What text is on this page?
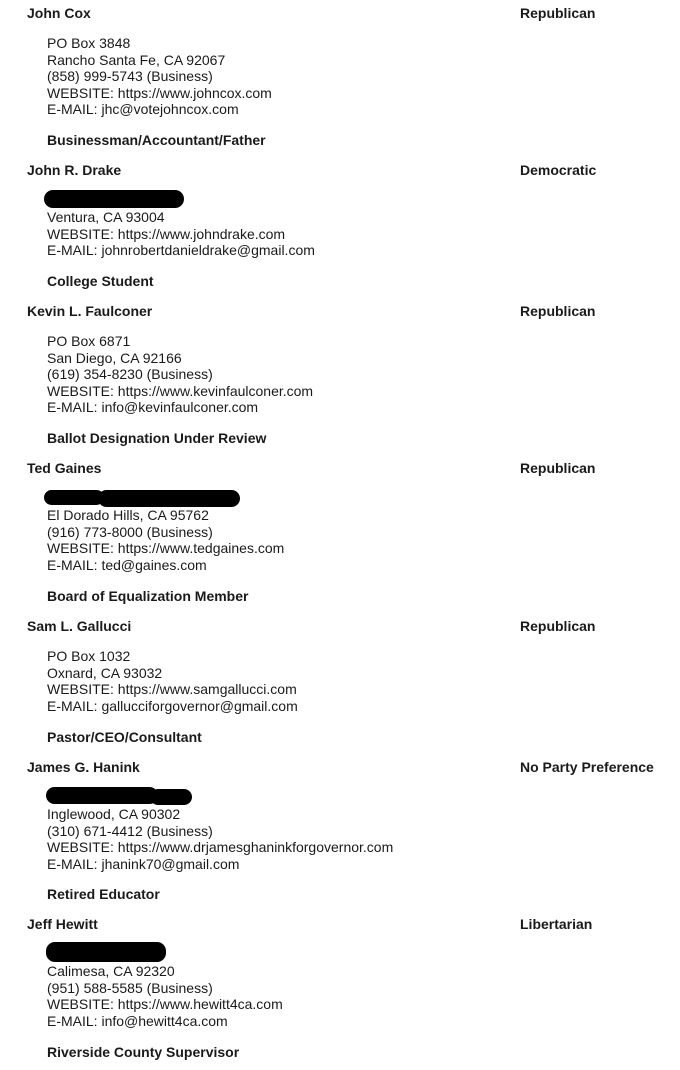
John Cox	Republican
PO Box 3848
Rancho Santa Fe, CA 92067
(858) 999-5743 (Business)
WEBSITE: https://www.johncox.com
E-MAIL: jhc@votejohncox.com
Businessman/Accountant/Father
John R. Drake	Democratic
Ventura, CA 93004
WEBSITE: https://www.johndrake.com
E-MAIL: johnrobertdanieldrake@gmail.com
College Student
Kevin L. Faulconer	Republican
PO Box 6871
San Diego, CA 92166
(619) 354-8230 (Business)
WEBSITE: https://www.kevinfaulconer.com
E-MAIL: info@kevinfaulconer.com
Ballot Designation Under Review
Ted Gaines	Republican
El Dorado Hills, CA 95762
(916) 773-8000 (Business)
WEBSITE: https://www.tedgaines.com
E-MAIL: ted@gaines.com
Board of Equalization Member
Sam L. Gallucci	Republican
PO Box 1032
Oxnard, CA 93032
WEBSITE: https://www.samgallucci.com
E-MAIL: gallucciforgovernor@gmail.com
Pastor/CEO/Consultant
James G. Hanink	No Party Preference
Inglewood, CA 90302
(310) 671-4412 (Business)
WEBSITE: https://www.drjamesghaninkforgovernor.com
E-MAIL: jhanink70@gmail.com
Retired Educator
Jeff Hewitt	Libertarian
Calimesa, CA 92320
(951) 588-5585 (Business)
WEBSITE: https://www.hewitt4ca.com
E-MAIL: info@hewitt4ca.com
Riverside County Supervisor
